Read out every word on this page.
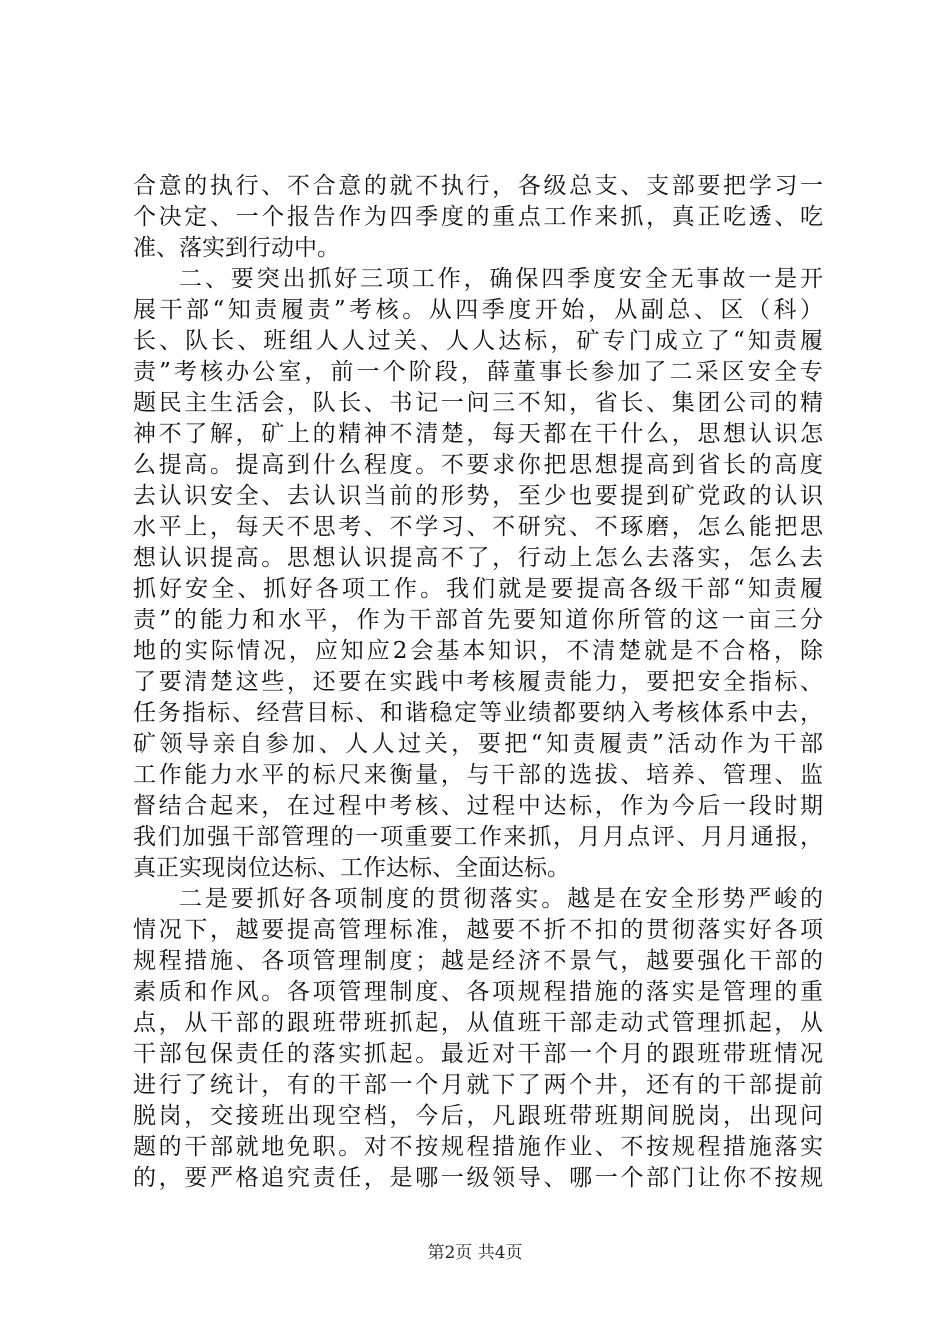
合意的执行、不合意的就不执行，各级总支、支部要把学习一
个决定、一个报告作为四季度的重点工作来抓，真正吃透、吃
准、落实到行动中。
二、要突出抓好三项工作，确保四季度安全无事故一是开
展干部“知责履责”考核。从四季度开始，从副总、区（科）
长、队长、班组人人过关、人人达标，矿专门成立了“知责履
责”考核办公室，前一个阶段，薛董事长参加了二采区安全专
题民主生活会，队长、书记一问三不知，省长、集团公司的精
神不了解，矿上的精神不清楚，每天都在干什么，思想认识怎
么提高。提高到什么程度。不要求你把思想提高到省长的高度
去认识安全、去认识当前的形势，至少也要提到矿党政的认识
水平上，每天不思考、不学习、不研究、不琢磨，怎么能把思
想认识提高。思想认识提高不了，行动上怎么去落实，怎么去
抓好安全、抓好各项工作。我们就是要提高各级干部“知责履
责”的能力和水平，作为干部首先要知道你所管的这一亩三分
地的实际情况，应知应2会基本知识，不清楚就是不合格，除
了要清楚这些，还要在实践中考核履责能力，要把安全指标、
任务指标、经营目标、和谐稳定等业绩都要纳入考核体系中去，
矿领导亲自参加、人人过关，要把“知责履责”活动作为干部
工作能力水平的标尺来衡量，与干部的选拔、培养、管理、监
督结合起来，在过程中考核、过程中达标，作为今后一段时期
我们加强干部管理的一项重要工作来抓，月月点评、月月通报，
真正实现岗位达标、工作达标、全面达标。
二是要抓好各项制度的贯彻落实。越是在安全形势严峻的
情况下，越要提高管理标准，越要不折不扣的贯彻落实好各项
规程措施、各项管理制度；越是经济不景气，越要强化干部的
素质和作风。各项管理制度、各项规程措施的落实是管理的重
点，从干部的跟班带班抓起，从值班干部走动式管理抓起，从
干部包保责任的落实抓起。最近对干部一个月的跟班带班情况
进行了统计，有的干部一个月就下了两个井，还有的干部提前
脱岗，交接班出现空档，今后，凡跟班带班期间脱岗，出现问
题的干部就地免职。对不按规程措施作业、不按规程措施落实
的，要严格追究责任，是哪一级领导、哪一个部门让你不按规
第2页 共4页
